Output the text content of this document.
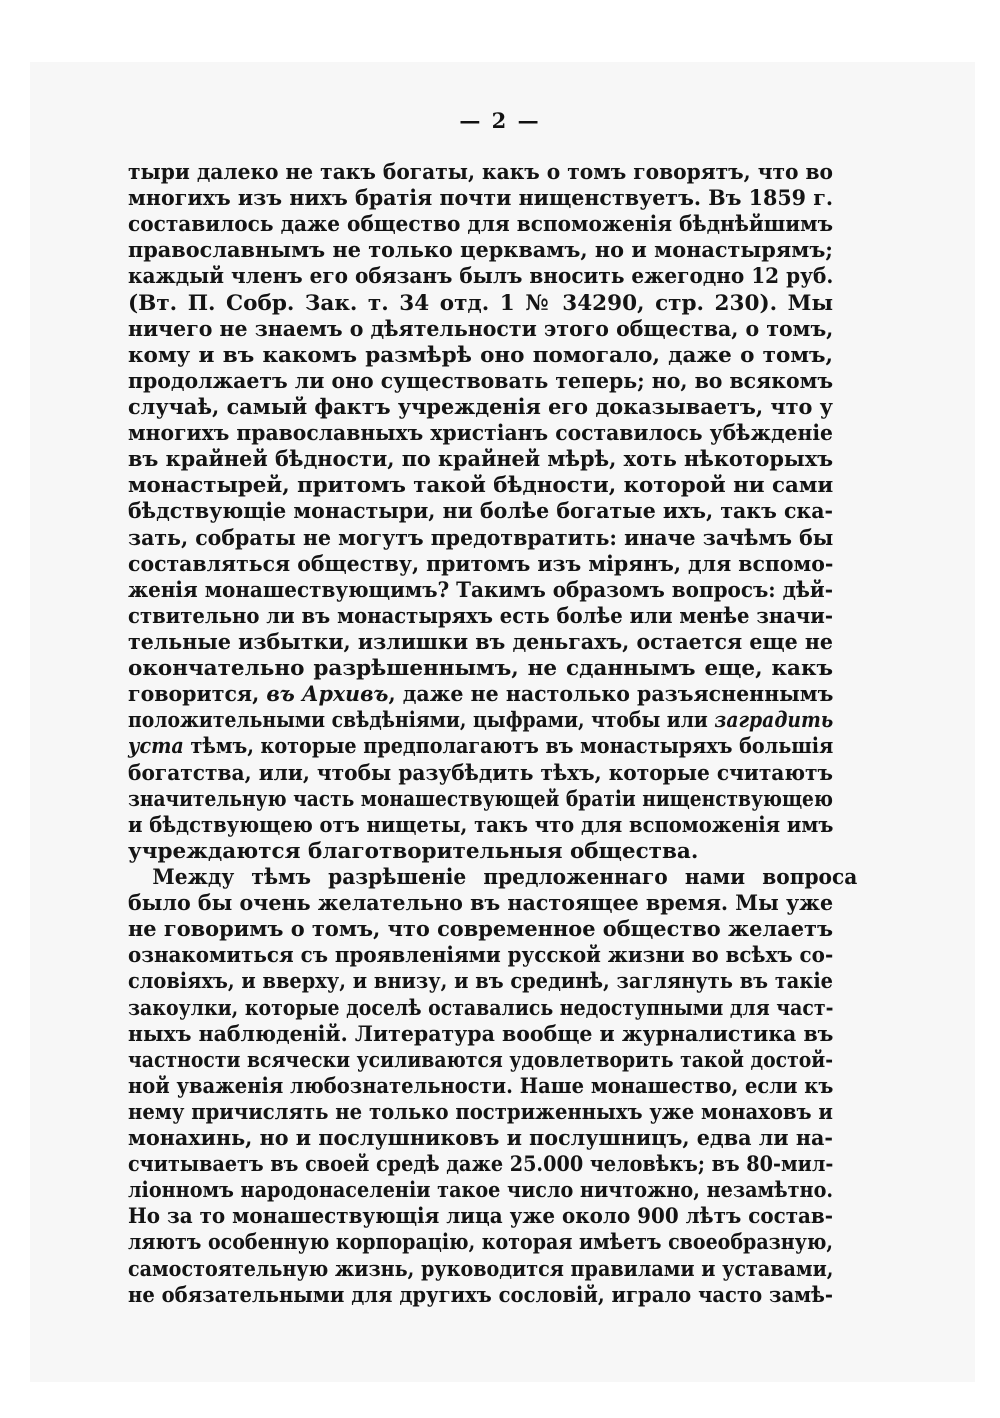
— 2 —
тыри далеко не такъ богаты, какъ о томъ говорятъ, что во
многихъ изъ нихъ братія почти нищенствуетъ. Въ 1859 г.
составилось даже общество для вспоможенія бѣднѣйшимъ
православнымъ не только церквамъ, но и монастырямъ;
каждый членъ его обязанъ былъ вносить ежегодно 12 руб.
(Вт. П. Собр. Зак. т. 34 отд. 1 № 34290, стр. 230). Мы
ничего не знаемъ о дѣятельности этого общества, о томъ,
кому и въ какомъ размѣрѣ оно помогало, даже о томъ,
продолжаетъ ли оно существовать теперь; но, во всякомъ
случаѣ, самый фактъ учрежденія его доказываетъ, что у
многихъ православныхъ христіанъ составилось убѣжденіе
въ крайней бѣдности, по крайней мѣрѣ, хоть нѣкоторыхъ
монастырей, притомъ такой бѣдности, которой ни сами
бѣдствующіе монастыри, ни болѣе богатые ихъ, такъ ска-
зать, собраты не могутъ предотвратить: иначе зачѣмъ бы
составляться обществу, притомъ изъ мірянъ, для вспомо-
женія монашествующимъ? Такимъ образомъ вопросъ: дѣй-
ствительно ли въ монастыряхъ есть болѣе или менѣе значи-
тельные избытки, излишки въ деньгахъ, остается еще не
окончательно разрѣшеннымъ, не сданнымъ еще, какъ
говорится, въ Архивъ, даже не настолько разъясненнымъ
положительными свѣдѣніями, цыфрами, чтобы или заградить
уста тѣмъ, которые предполагаютъ въ монастыряхъ большія
богатства, или, чтобы разубѣдить тѣхъ, которые считаютъ
значительную часть монашествующей братіи нищенствующею
и бѣдствующею отъ нищеты, такъ что для вспоможенія имъ
учреждаются благотворительныя общества.
Между тѣмъ разрѣшеніе предложеннаго нами вопроса
было бы очень желательно въ настоящее время. Мы уже
не говоримъ о томъ, что современное общество желаетъ
ознакомиться съ проявленіями русской жизни во всѣхъ со-
словіяхъ, и вверху, и внизу, и въ срединѣ, заглянуть въ такіе
закоулки, которые доселѣ оставались недоступными для част-
ныхъ наблюденій. Литература вообще и журналистика въ
частности всячески усиливаются удовлетворить такой достой-
ной уваженія любознательности. Наше монашество, если къ
нему причислять не только постриженныхъ уже монаховъ и
монахинь, но и послушниковъ и послушницъ, едва ли на-
считываетъ въ своей средѣ даже 25.000 человѣкъ; въ 80-мил-
ліонномъ народонаселеніи такое число ничтожно, незамѣтно.
Но за то монашествующія лица уже около 900 лѣтъ состав-
ляютъ особенную корпорацію, которая имѣетъ своеобразную,
самостоятельную жизнь, руководится правилами и уставами,
не обязательными для другихъ сословій, играло часто замѣ-
